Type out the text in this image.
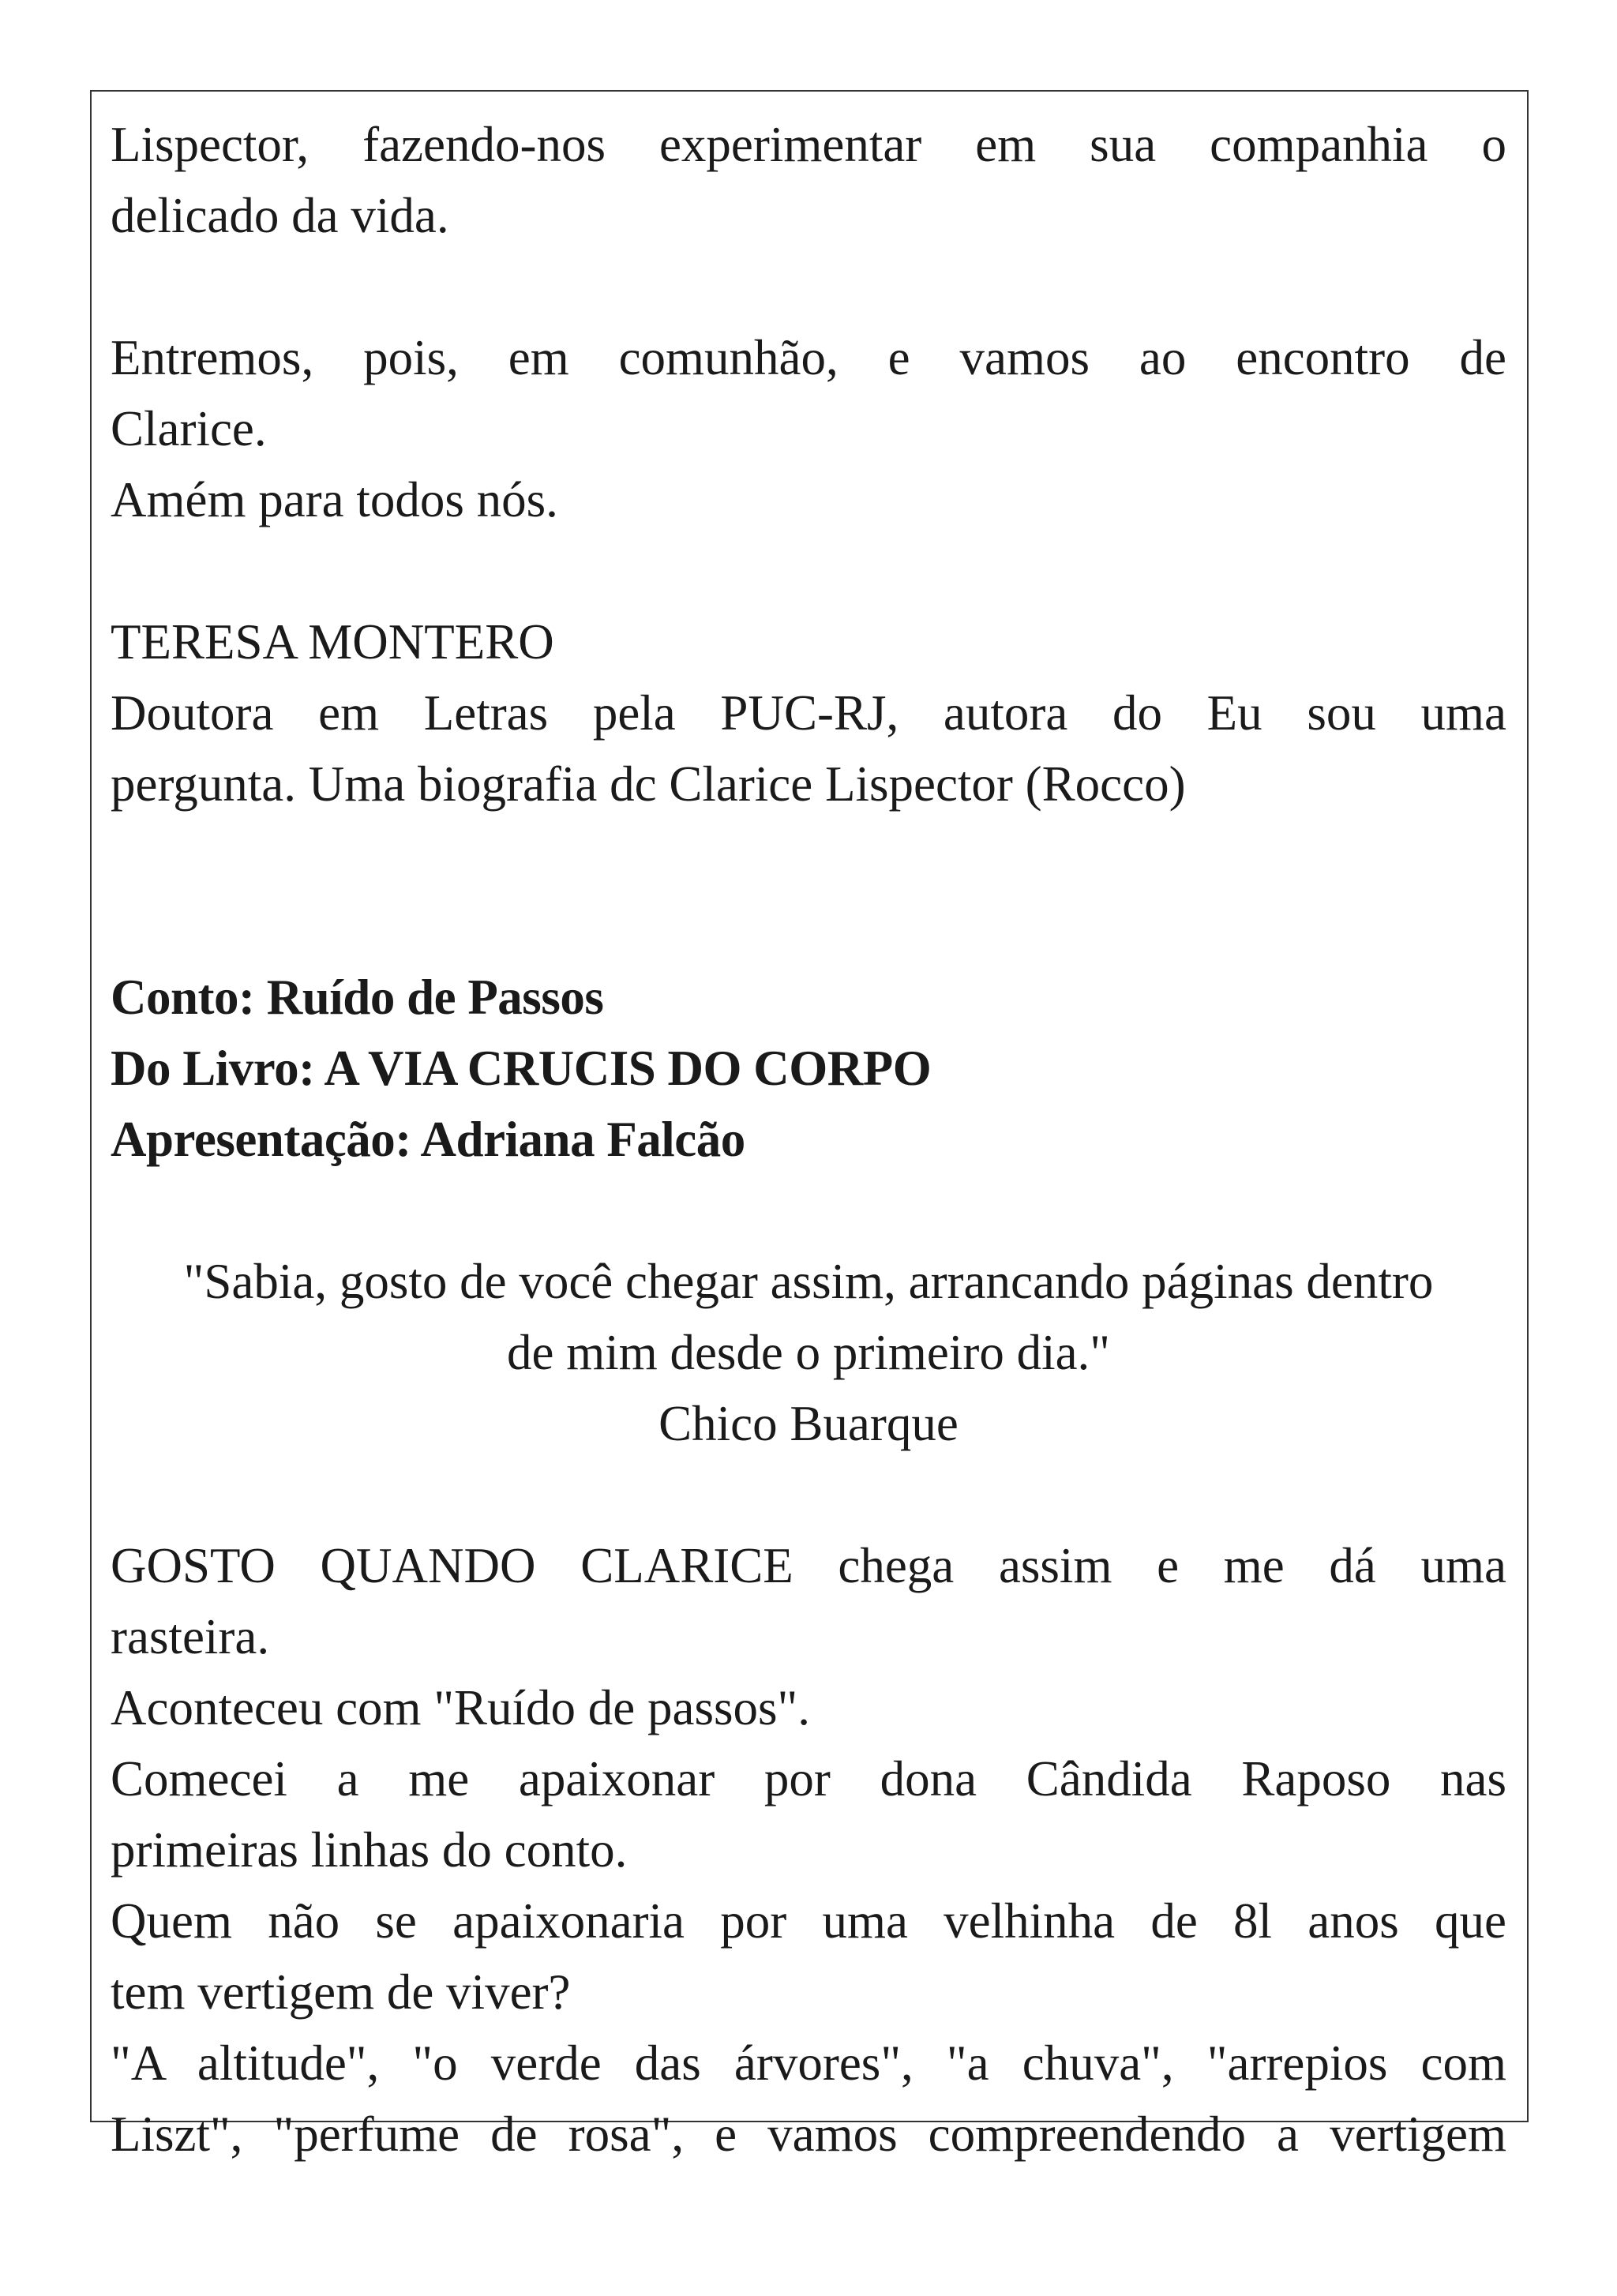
Lispector, fazendo-nos experimentar em sua companhia o
delicado da vida.
Entremos, pois, em comunhão, e vamos ao encontro de
Clarice.
Amém para todos nós.
TERESA MONTERO
Doutora em Letras pela PUC-RJ, autora do Eu sou uma
pergunta. Uma biografia dc Clarice Lispector (Rocco)
Conto: Ruído de Passos
Do Livro: A VIA CRUCIS DO CORPO
Apresentação: Adriana Falcão
"Sabia, gosto de você chegar assim, arrancando páginas dentro
de mim desde o primeiro dia."
Chico Buarque
GOSTO QUANDO CLARICE chega assim e me dá uma
rasteira.
Aconteceu com "Ruído de passos".
Comecei a me apaixonar por dona Cândida Raposo nas
primeiras linhas do conto.
Quem não se apaixonaria por uma velhinha de 8l anos que
tem vertigem de viver?
"A altitude", "o verde das árvores", "a chuva", "arrepios com
Liszt", "perfume de rosa", e vamos compreendendo a vertigem
